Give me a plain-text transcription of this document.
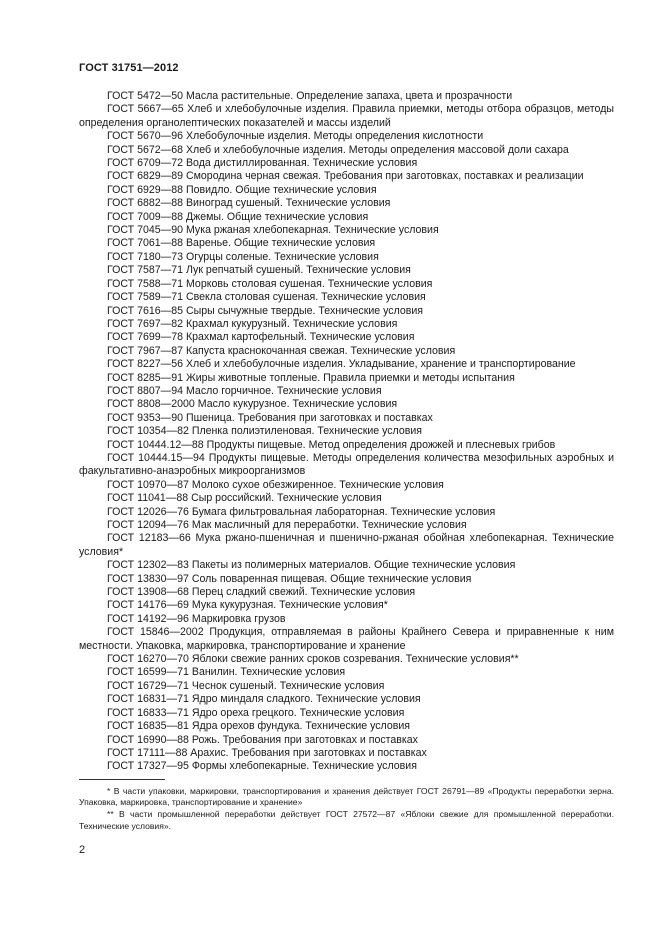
ГОСТ 31751—2012

ГОСТ 5472—50 Масла растительные. Определение запаха, цвета и прозрачности

ГОСТ 5667—65 Хлеб и хлебобулочные изделия. Правила приемки, методы отбора образцов, методы определения органолептических показателей и массы изделий

ГОСТ 5670—96 Хлебобулочные изделия. Методы определения кислотности

ГОСТ 5672—68 Хлеб и хлебобулочные изделия. Методы определения массовой доли сахара

ГОСТ 6709—72 Вода дистиллированная. Технические условия

ГОСТ 6829—89 Смородина черная свежая. Требования при заготовках, поставках и реализации

ГОСТ 6929—88 Повидло. Общие технические условия

ГОСТ 6882—88 Виноград сушеный. Технические условия

ГОСТ 7009—88 Джемы. Общие технические условия

ГОСТ 7045—90 Мука ржаная хлебопекарная. Технические условия

ГОСТ 7061—88 Варенье. Общие технические условия

ГОСТ 7180—73 Огурцы соленые. Технические условия

ГОСТ 7587—71 Лук репчатый сушеный. Технические условия

ГОСТ 7588—71 Морковь столовая сушеная. Технические условия

ГОСТ 7589—71 Свекла столовая сушеная. Технические условия

ГОСТ 7616—85 Сыры сычужные твердые. Технические условия

ГОСТ 7697—82 Крахмал кукурузный. Технические условия

ГОСТ 7699—78 Крахмал картофельный. Технические условия

ГОСТ 7967—87 Капуста краснокочанная свежая. Технические условия

ГОСТ 8227—56 Хлеб и хлебобулочные изделия. Укладывание, хранение и транспортирование

ГОСТ 8285—91 Жиры животные топленые. Правила приемки и методы испытания

ГОСТ 8807—94 Масло горчичное. Технические условия

ГОСТ 8808—2000 Масло кукурузное. Технические условия

ГОСТ 9353—90 Пшеница. Требования при заготовках и поставках

ГОСТ 10354—82 Пленка полиэтиленовая. Технические условия

ГОСТ 10444.12—88 Продукты пищевые. Метод определения дрожжей и плесневых грибов

ГОСТ 10444.15—94 Продукты пищевые. Методы определения количества мезофильных аэробных и факультативно-анаэробных микроорганизмов

ГОСТ 10970—87 Молоко сухое обезжиренное. Технические условия

ГОСТ 11041—88 Сыр российский. Технические условия

ГОСТ 12026—76 Бумага фильтровальная лабораторная. Технические условия

ГОСТ 12094—76 Мак масличный для переработки. Технические условия

ГОСТ 12183—66 Мука ржано-пшеничная и пшенично-ржаная обойная хлебопекарная. Технические условия*

ГОСТ 12302—83 Пакеты из полимерных материалов. Общие технические условия

ГОСТ 13830—97 Соль поваренная пищевая. Общие технические условия

ГОСТ 13908—68 Перец сладкий свежий. Технические условия

ГОСТ 14176—69 Мука кукурузная. Технические условия*

ГОСТ 14192—96 Маркировка грузов

ГОСТ 15846—2002 Продукция, отправляемая в районы Крайнего Севера и приравненные к ним местности. Упаковка, маркировка, транспортирование и хранение

ГОСТ 16270—70 Яблоки свежие ранних сроков созревания. Технические условия**

ГОСТ 16599—71 Ванилин. Технические условия

ГОСТ 16729—71 Чеснок сушеный. Технические условия

ГОСТ 16831—71 Ядро миндаля сладкого. Технические условия

ГОСТ 16833—71 Ядро ореха грецкого. Технические условия

ГОСТ 16835—81 Ядра орехов фундука. Технические условия

ГОСТ 16990—88 Рожь. Требования при заготовках и поставках

ГОСТ 17111—88 Арахис. Требования при заготовках и поставках

ГОСТ 17327—95 Формы хлебопекарные. Технические условия

* В части упаковки, маркировки, транспортирования и хранения действует ГОСТ 26791—89 «Продукты переработки зерна. Упаковка, маркировка, транспортирование и хранение»

** В части промышленной переработки действует ГОСТ 27572—87 «Яблоки свежие для промышленной переработки. Технические условия».

2
